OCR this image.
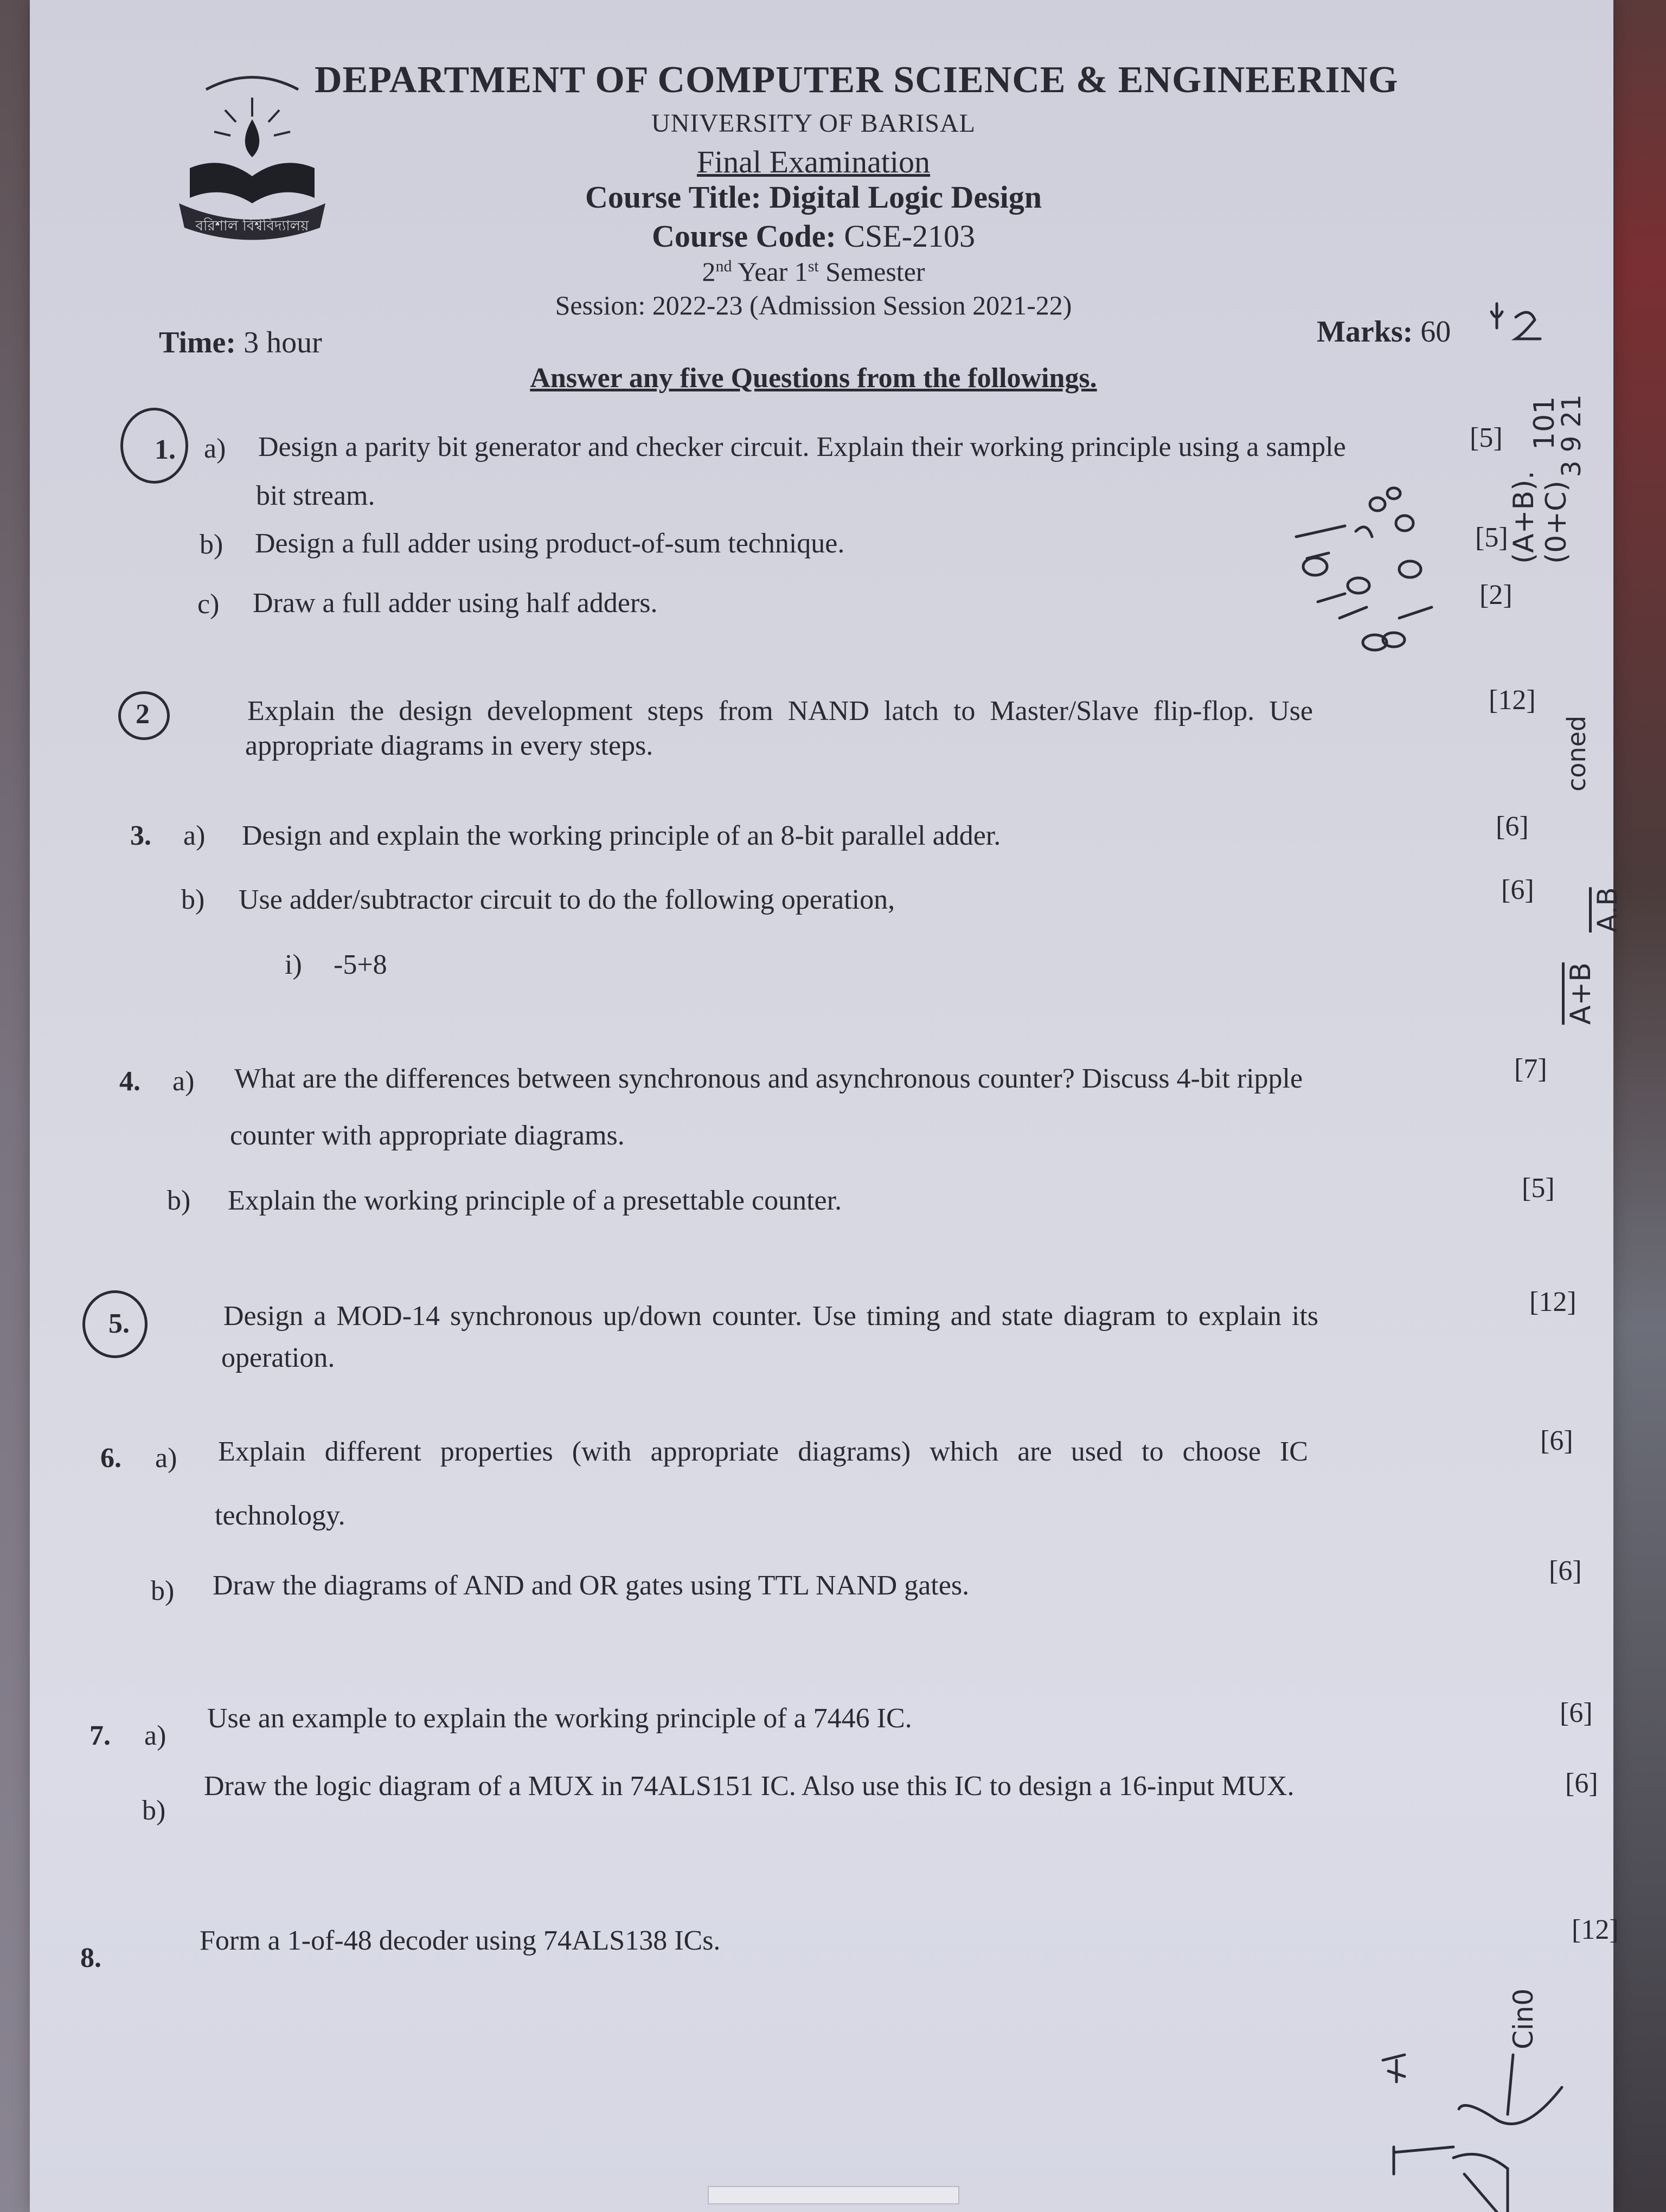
বরিশাল বিশ্ববিদ্যালয়
DEPARTMENT OF COMPUTER SCIENCE & ENGINEERING
UNIVERSITY OF BARISAL
Final Examination
Course Title: Digital Logic Design
Course Code: CSE-2103
2nd Year 1st Semester
Session: 2022-23 (Admission Session 2021-22)
Time: 3 hour	Marks: 60
Answer any five Questions from the followings.
1. a) Design a parity bit generator and checker circuit. Explain their working principle using a sample
bit stream.
[5]
b) Design a full adder using product-of-sum technique.	[5]
c) Draw a full adder using half adders.	[2]
2	Explain the design development steps from NAND latch to Master/Slave flip-flop. Use
appropriate diagrams in every steps.
[12]
3. a) Design and explain the working principle of an 8-bit parallel adder.	[6]
b) Use adder/subtractor circuit to do the following operation,	[6]
i) -5+8
4. a) What are the differences between synchronous and asynchronous counter? Discuss 4-bit ripple
counter with appropriate diagrams.
[7]
b) Explain the working principle of a presettable counter.	[5]
5.	Design a MOD-14 synchronous up/down counter. Use timing and state diagram to explain its
operation.
[12]
6. a) Explain different properties (with appropriate diagrams) which are used to choose IC
technology.
[6]
b) Draw the diagrams of AND and OR gates using TTL NAND gates.	[6]
7. a)
Use an example to explain the working principle of a 7446 IC.	[6]
b)
Draw the logic diagram of a MUX in 74ALS151 IC. Also use this IC to design a 16-input MUX.	[6]
8.
Form a 1-of-48 decoder using 74ALS138 ICs.	[12]
(A+B).(0+C)
101
3 9 21
coned
A+B
A.B
Cin0
